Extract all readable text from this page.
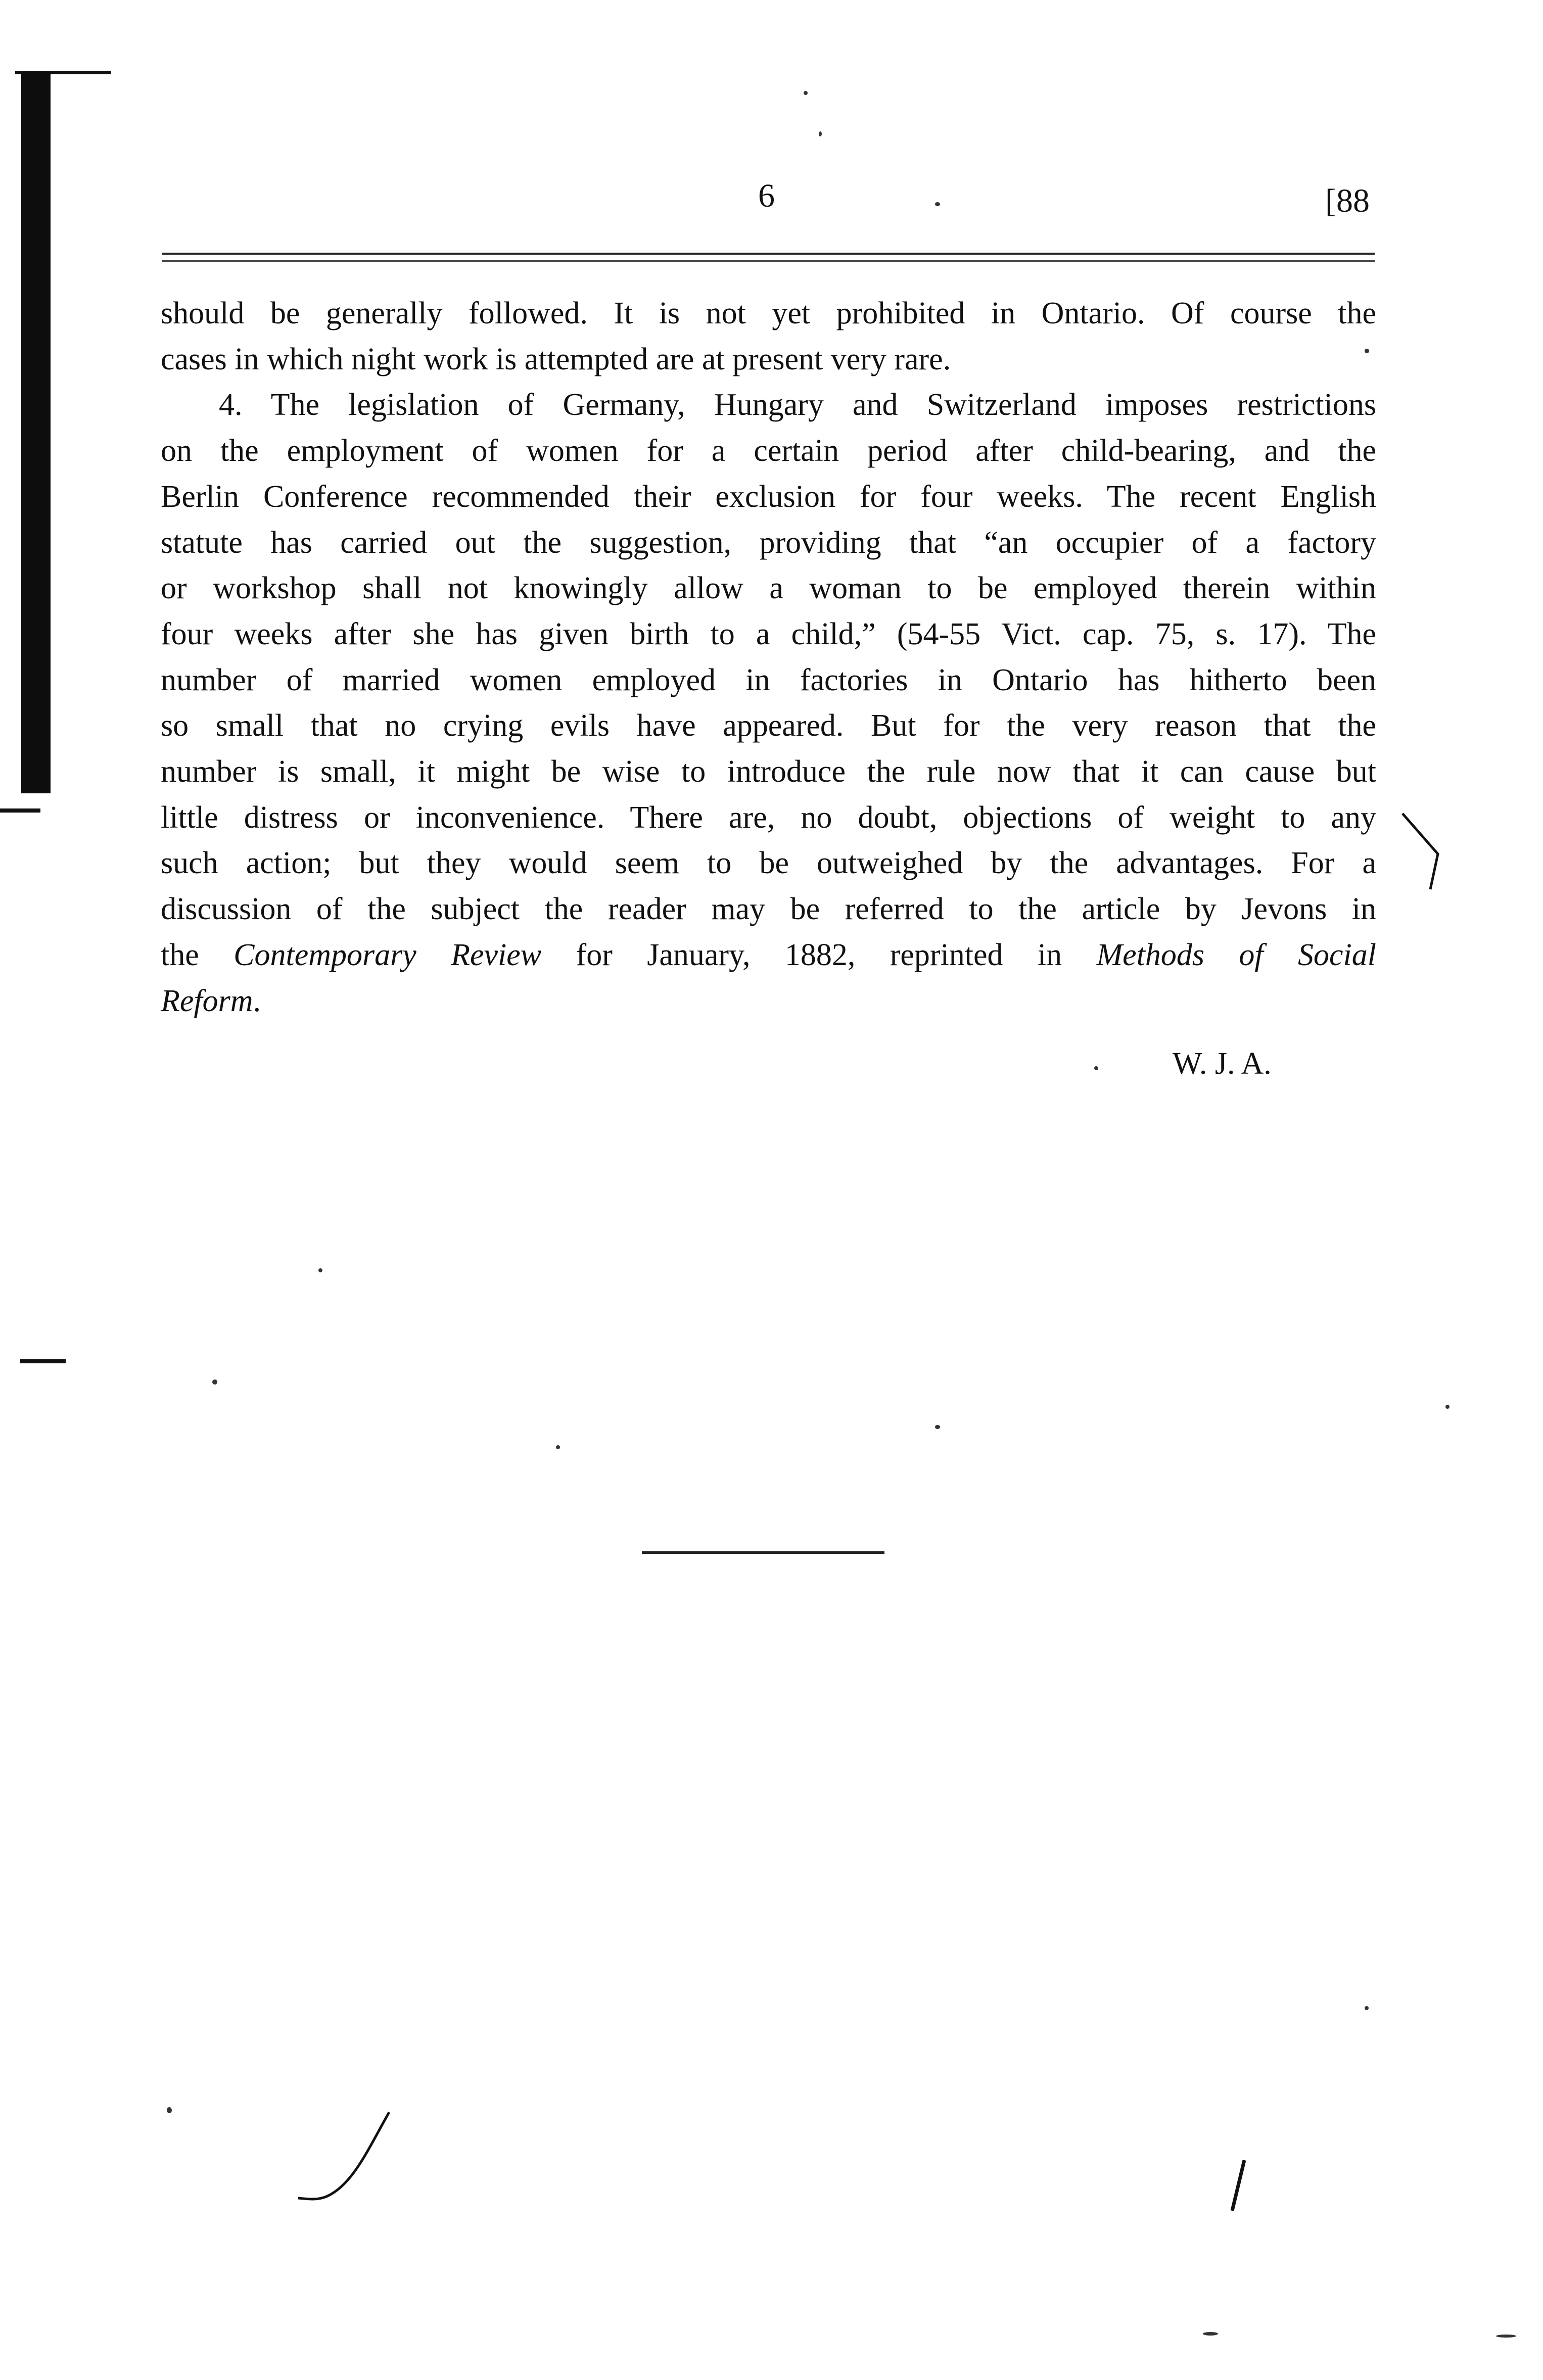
6	[88
should be generally followed. It is not yet prohibited in Ontario. Of course the
cases in which night work is attempted are at present very rare.
4. The legislation of Germany, Hungary and Switzerland imposes restrictions
on the employment of women for a certain period after child-bearing, and the
Berlin Conference recommended their exclusion for four weeks. The recent English
statute has carried out the suggestion, providing that “an occupier of a factory
or workshop shall not knowingly allow a woman to be employed therein within
four weeks after she has given birth to a child,” (54-55 Vict. cap. 75, s. 17). The
number of married women employed in factories in Ontario has hitherto been
so small that no crying evils have appeared. But for the very reason that the
number is small, it might be wise to introduce the rule now that it can cause but
little distress or inconvenience. There are, no doubt, objections of weight to any
such action; but they would seem to be outweighed by the advantages. For a
discussion of the subject the reader may be referred to the article by Jevons in
the Contemporary Review for January, 1882, reprinted in Methods of Social
Reform.
W. J. A.
